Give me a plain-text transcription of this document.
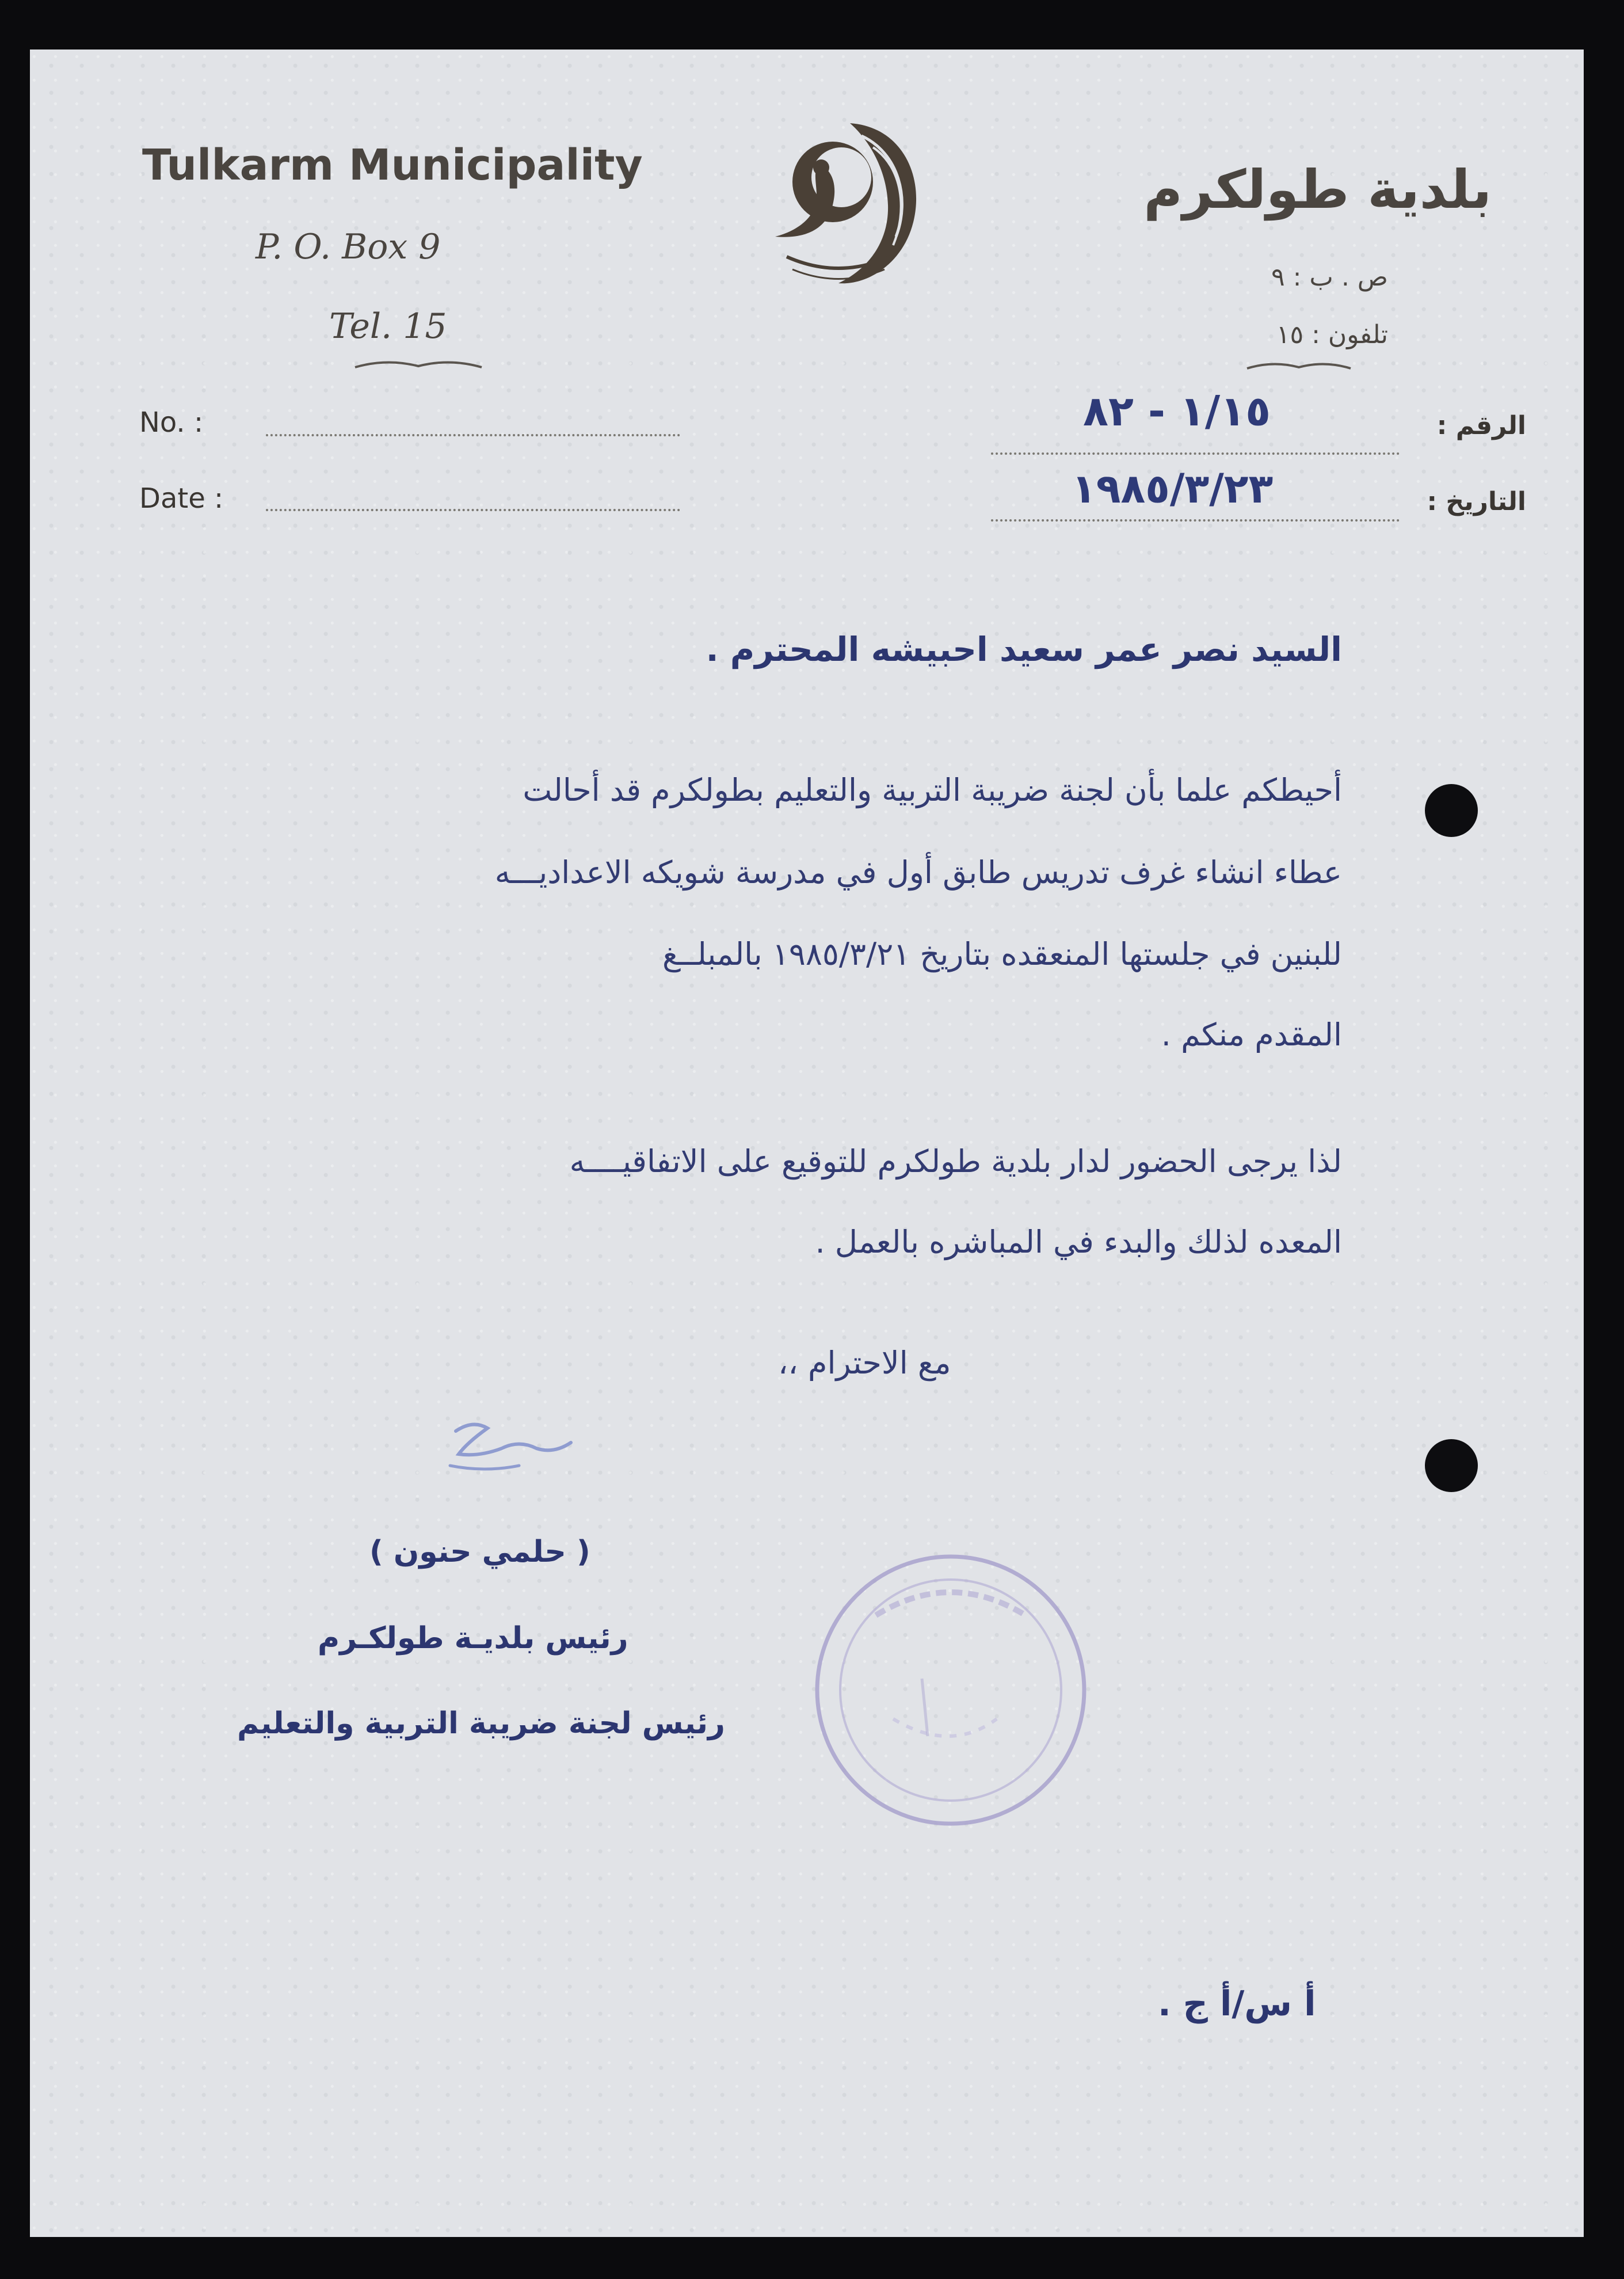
Tulkarm Municipality
P. O. Box 9
Tel. 15
بلدية طولكرم
ص . ب : ٩
تلفون : ١٥
No. :
Date :
الرقم :
التاريخ :
١/١٥ - ٨٢
١٩٨٥/٣/٢٣
السيد نصر عمر سعيد احبيشه المحترم .
أحيطكم علما بأن لجنة ضريبة التربية والتعليم بطولكرم قد أحالت
عطاء انشاء غرف تدريس طابق أول في مدرسة شويكه الاعداديـــه
للبنين في جلستها المنعقده بتاريخ ١٩٨٥/٣/٢١ بالمبلــغ
المقدم منكم .
لذا يرجى الحضور لدار بلدية طولكرم للتوقيع على الاتفاقيــــه
المعده لذلك والبدء في المباشره بالعمل .
مع الاحترام ،،
( حلمي حنون )
رئيس بلديـة طولكـرم
رئيس لجنة ضريبة التربية والتعليم
أ س/أ ج .
